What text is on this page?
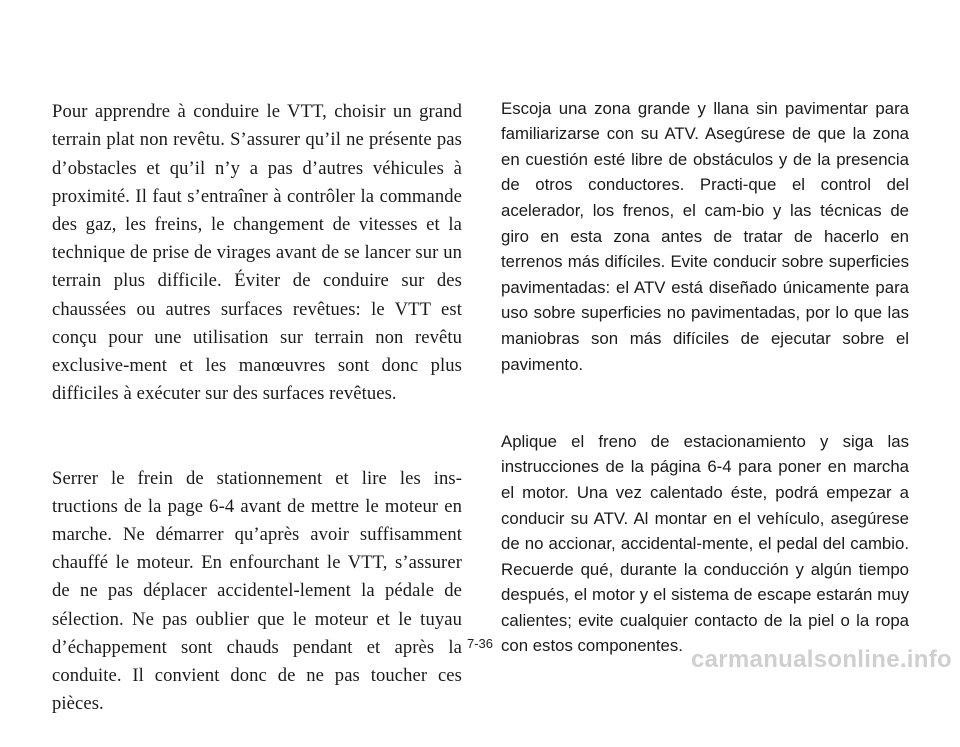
Pour apprendre à conduire le VTT, choisir un grand terrain plat non revêtu. S’assurer qu’il ne présente pas d’obstacles et qu’il n’y a pas d’autres véhicules à proximité. Il faut s’entraîner à contrôler la commande des gaz, les freins, le changement de vitesses et la technique de prise de virages avant de se lancer sur un terrain plus difficile. Éviter de conduire sur des chaussées ou autres surfaces revêtues: le VTT est conçu pour une utilisation sur terrain non revêtu exclusive-ment et les manœuvres sont donc plus difficiles à exécuter sur des surfaces revêtues.

Serrer le frein de stationnement et lire les ins-tructions de la page 6-4 avant de mettre le moteur en marche. Ne démarrer qu’après avoir suffisamment chauffé le moteur. En enfourchant le VTT, s’assurer de ne pas déplacer accidentel-lement la pédale de sélection. Ne pas oublier que le moteur et le tuyau d’échappement sont chauds pendant et après la conduite. Il convient donc de ne pas toucher ces pièces.

Escoja una zona grande y llana sin pavimentar para familiarizarse con su ATV. Asegúrese de que la zona en cuestión esté libre de obstáculos y de la presencia de otros conductores. Practi-que el control del acelerador, los frenos, el cam-bio y las técnicas de giro en esta zona antes de tratar de hacerlo en terrenos más difíciles. Evite conducir sobre superficies pavimentadas: el ATV está diseñado únicamente para uso sobre superficies no pavimentadas, por lo que las maniobras son más difíciles de ejecutar sobre el pavimento.

Aplique el freno de estacionamiento y siga las instrucciones de la página 6-4 para poner en marcha el motor. Una vez calentado éste, podrá empezar a conducir su ATV. Al montar en el vehículo, asegúrese de no accionar, accidental-mente, el pedal del cambio. Recuerde qué, durante la conducción y algún tiempo después, el motor y el sistema de escape estarán muy calientes; evite cualquier contacto de la piel o la ropa con estos componentes.

7-36
carmanualsonline.info
